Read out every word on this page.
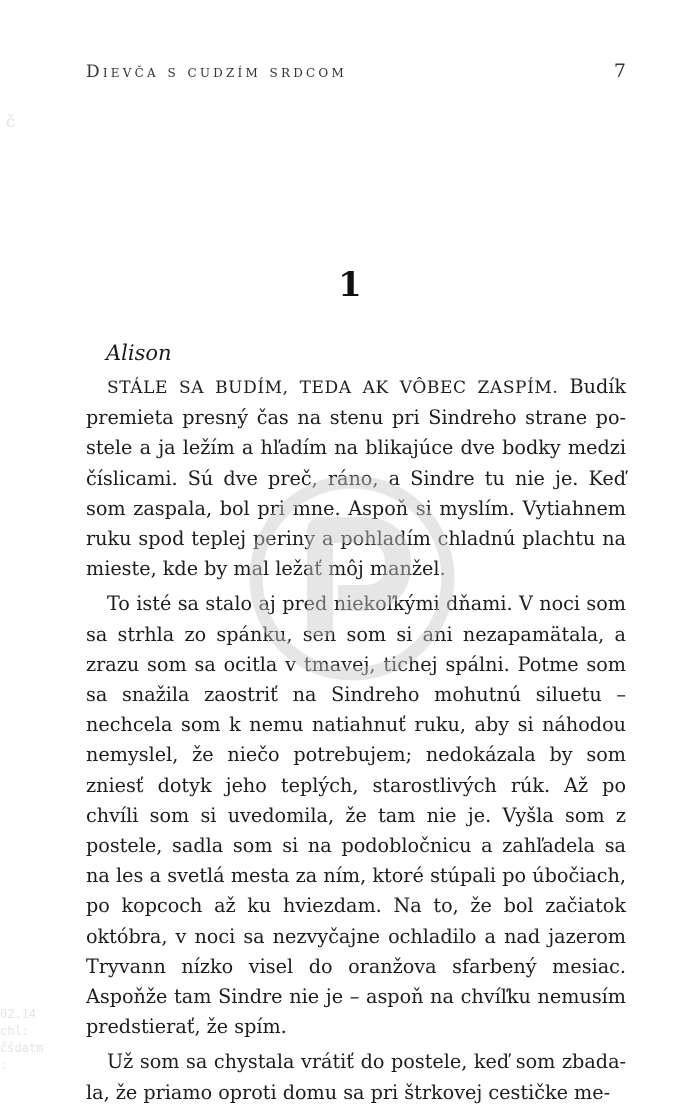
Dievča s cudzím srdcom	7
č
1
Alison

STÁLE SA BUDÍM, TEDA AK VÔBEC ZASPÍM. Budík premieta presný čas na stenu pri Sindreho strane postele a ja ležím a hľadím na blikajúce dve bodky medzi číslicami. Sú dve preč, ráno, a Sindre tu nie je. Keď som zaspala, bol pri mne. Aspoň si myslím. Vytiahnem ruku spod teplej periny a pohladím chladnú plachtu na mieste, kde by mal ležať môj manžel.

To isté sa stalo aj pred niekoľkými dňami. V noci som sa strhla zo spánku, sen som si ani nezapamätala, a zrazu som sa ocitla v tmavej, tichej spálni. Potme som sa snažila zaostriť na Sindreho mohutnú siluetu – nechcela som k nemu natiahnuť ruku, aby si náhodou nemyslel, že niečo potrebujem; nedokázala by som zniesť dotyk jeho teplých, starostlivých rúk. Až po chvíli som si uvedomila, že tam nie je. Vyšla som z postele, sadla som si na podobločnicu a zahľadela sa na les a svetlá mesta za ním, ktoré stúpali po úbočiach, po kopcoch až ku hviezdam. Na to, že bol začiatok októbra, v noci sa nezvyčajne ochladilo a nad jazerom Tryvann nízko visel do oranžova sfarbený mesiac. Aspoňže tam Sindre nie je – aspoň na chvíľku nemusím predstierať, že spím.

Už som sa chystala vrátiť do postele, keď som zbadala, že priamo oproti domu sa pri štrkovej cestičke me-

02.14
chl:
čšdatm
:
